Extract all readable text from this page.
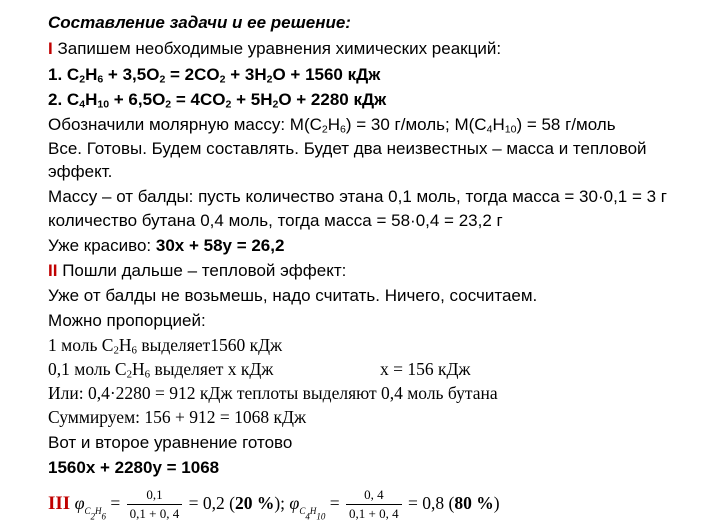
Составление задачи и ее решение:
I Запишем необходимые уравнения химических реакций:
1. $C_2H_6 + 3,5O_2 = 2CO_2 + 3H_2O + 1560$ кДж
2. $C_4H_{10} + 6,5O_2 = 4CO_2 + 5H_2O + 2280$ кДж
Обозначили молярную массу: $М(C_2H_6) = 30$ г/моль; $М(C_4H_{10}) = 58$ г/моль
Все. Готовы. Будем составлять. Будет два неизвестных – масса и тепловой
эффект.
Массу – от балды: пусть количество этана 0,1 моль, тогда масса = 30·0,1 = 3 г
количество бутана 0,4 моль, тогда масса = 58·0,4 = 23,2 г
Уже красиво: 30x + 58y = 26,2
II Пошли дальше – тепловой эффект:
Уже от балды не возьмешь, надо считать. Ничего, сосчитаем.
Можно пропорцией:
1 моль $C_2H_6$ выделяет1560 кДж
0,1 моль $C_2H_6$ выделяет x кДж	x = 156 кДж
Или: 0,4·2280 = 912 кДж теплоты выделяют 0,4 моль бутана
Суммируем: 156 + 912 = 1068 кДж
Вот и второе уравнение готово
1560x + 2280y = 1068
III $\varphi_{C_2H_6} = \frac{0,1}{0,1 + 0, 4} = 0,2$ (20 %); $\varphi_{C_4H_{10}} = \frac{0, 4}{0,1 + 0, 4} = 0,8$ (80 %)
